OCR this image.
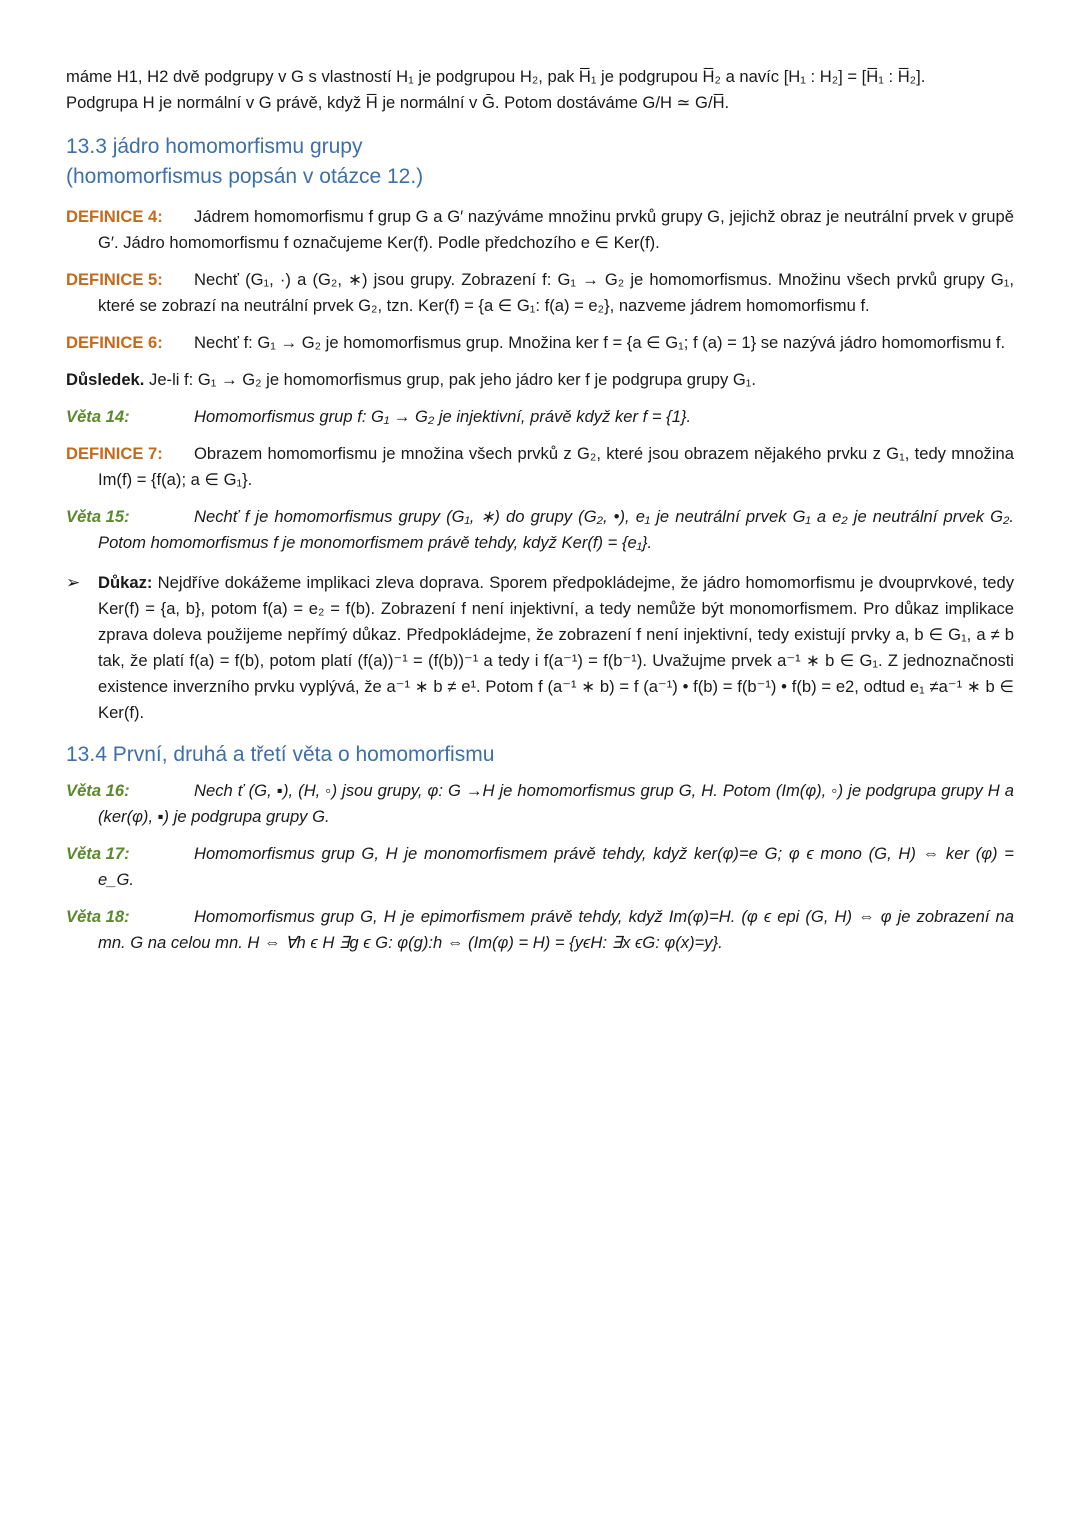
máme H1, H2 dvě podgrupy v G s vlastností H₁ je podgrupou H₂, pak H̅₁ je podgrupou H̅₂ a navíc [H₁ : H₂] = [H̅₁ : H̅₂].

Podgrupa H je normální v G právě, když H̅ je normální v Ḡ. Potom dostáváme G/H ≃ G/H̅.

13.3 jádro homomorfismu grupy

(homomorfismus popsán v otázce 12.)

DEFINICE 4: Jádrem homomorfismu f grup G a G′ nazýváme množinu prvků grupy G, jejichž obraz je neutrální prvek v grupě G′. Jádro homomorfismu f označujeme Ker(f). Podle předchozího e ∈ Ker(f).

DEFINICE 5: Nechť (G₁, ·) a (G₂, ∗) jsou grupy. Zobrazení f: G₁ → G₂ je homomorfismus. Množinu všech prvků grupy G₁, které se zobrazí na neutrální prvek G₂, tzn. Ker(f) = {a ∈ G₁: f(a) = e₂}, nazveme jádrem homomorfismu f.

DEFINICE 6: Nechť f: G₁ → G₂ je homomorfismus grup. Množina ker f = {a ∈ G₁; f (a) = 1} se nazývá jádro homomorfismu f.

Důsledek. Je-li f: G₁ → G₂ je homomorfismus grup, pak jeho jádro ker f je podgrupa grupy G₁.

Věta 14:	Homomorfismus grup f: G₁ → G₂ je injektivní, právě když ker f = {1}.

DEFINICE 7: Obrazem homomorfismu je množina všech prvků z G₂, které jsou obrazem nějakého prvku z G₁, tedy množina Im(f) = {f(a); a ∈ G₁}.

Věta 15:	Nechť f je homomorfismus grupy (G₁, ∗) do grupy (G₂, •), e₁ je neutrální prvek G₁ a e₂ je neutrální prvek G₂. Potom homomorfismus f je monomorfismem právě tehdy, když Ker(f) = {e₁}.

➢ Důkaz: Nejdříve dokážeme implikaci zleva doprava. Sporem předpokládejme, že jádro homomorfismu je dvouprvkové, tedy Ker(f) = {a, b}, potom f(a) = e₂ = f(b). Zobrazení f není injektivní, a tedy nemůže být monomorfismem. Pro důkaz implikace zprava doleva použijeme nepřímý důkaz. Předpokládejme, že zobrazení f není injektivní, tedy existují prvky a, b ∈ G₁, a ≠ b tak, že platí f(a) = f(b), potom platí (f(a))⁻¹ = (f(b))⁻¹ a tedy i f(a⁻¹) = f(b⁻¹). Uvažujme prvek a⁻¹ ∗ b ∈ G₁. Z jednoznačnosti existence inverzního prvku vyplývá, že a⁻¹ ∗ b ≠ e¹. Potom f (a⁻¹ ∗ b) = f (a⁻¹) • f(b) = f(b⁻¹) • f(b) = e2, odtud e₁ ≠a⁻¹ ∗ b ∈ Ker(f).

13.4 První, druhá a třetí věta o homomorfismu

Věta 16:	Nech ť (G, ▪), (H, ◦) jsou grupy, φ: G →H je homomorfismus grup G, H. Potom (Im(φ), ◦) je podgrupa grupy H a (ker(φ), ▪) je podgrupa grupy G.

Věta 17:	Homomorfismus grup G, H je monomorfismem právě tehdy, když ker(φ)=e G; φ ϵ mono (G, H) ⇔ ker (φ) = e_G.

Věta 18:	Homomorfismus grup G, H je epimorfismem právě tehdy, když Im(φ)=H. (φ ϵ epi (G, H) ⇔ φ je zobrazení na mn. G na celou mn. H ⇔ ∀h ϵ H ∃g ϵ G: φ(g):h ⇔ (Im(φ) = H) = {yϵH: ∃x ϵG: φ(x)=y}.
